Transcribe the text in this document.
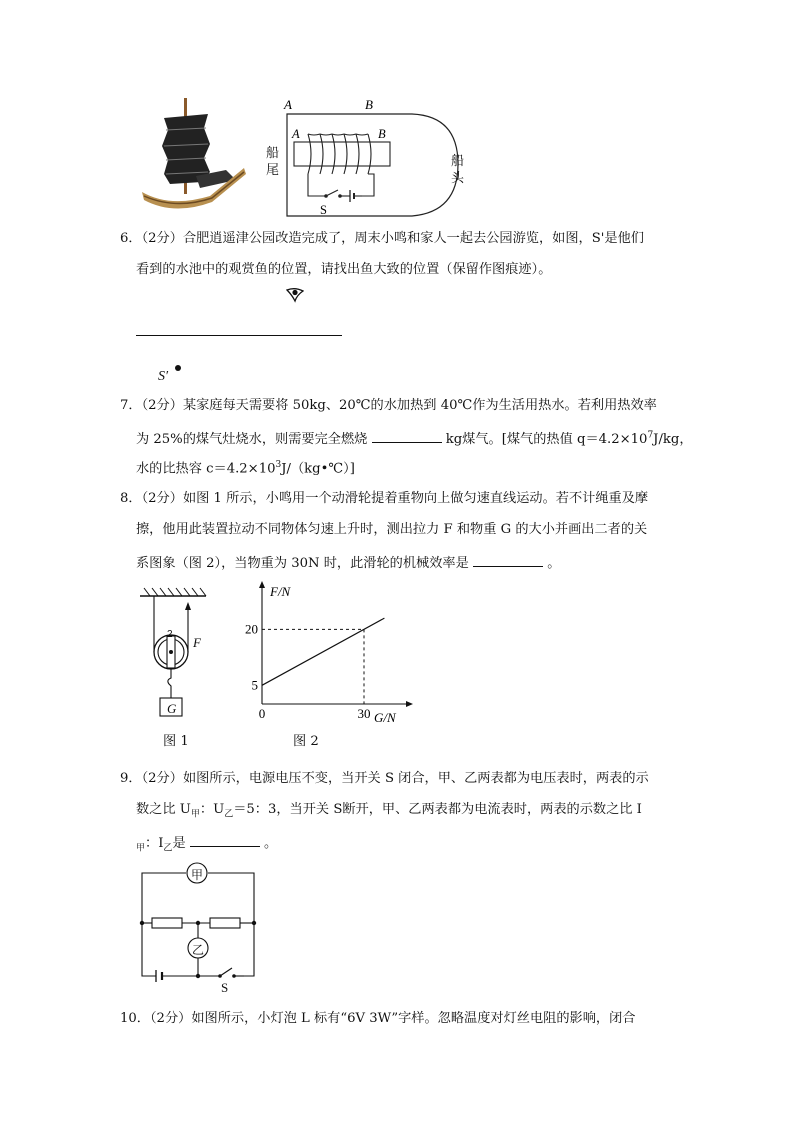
A	B
A	B
S
船
尾
船
头
6．（2分）合肥逍遥津公园改造完成了，周末小鸣和家人一起去公园游览，如图，S'是他们
看到的水池中的观赏鱼的位置，请找出鱼大致的位置（保留作图痕迹）。
S′
7．（2分）某家庭每天需要将 50kg、20℃的水加热到 40℃作为生活用热水。若利用热效率
为 25%的煤气灶烧水，则需要完全燃烧	kg煤气。[煤气的热值 $q=4.2\times 10^7J/kg$，
水的比热容 $c=4.2\times 10^3J/(kg•℃)$]
8．（2分）如图 1 所示，小鸣用一个动滑轮提着重物向上做匀速直线运动。若不计绳重及摩
擦，他用此装置拉动不同物体匀速上升时，测出拉力 F 和物重 G 的大小并画出二者的关
系图象（图 2），当物重为 30N 时，此滑轮的机械效率是	。
2
F
G
图 1
5
20
0	30
F/N
G/N
图 2
9．（2分）如图所示，电源电压不变，当开关 S 闭合，甲、乙两表都为电压表时，两表的示
数之比 $U_甲$：$U_乙=5$：3，当开关 S断开，甲、乙两表都为电流表时，两表的示数之比 I
$_甲$：$I_乙$是	。
甲
乙
S
10．（2分）如图所示，小灯泡 L 标有“6V 3W”字样。忽略温度对灯丝电阻的影响，闭合
